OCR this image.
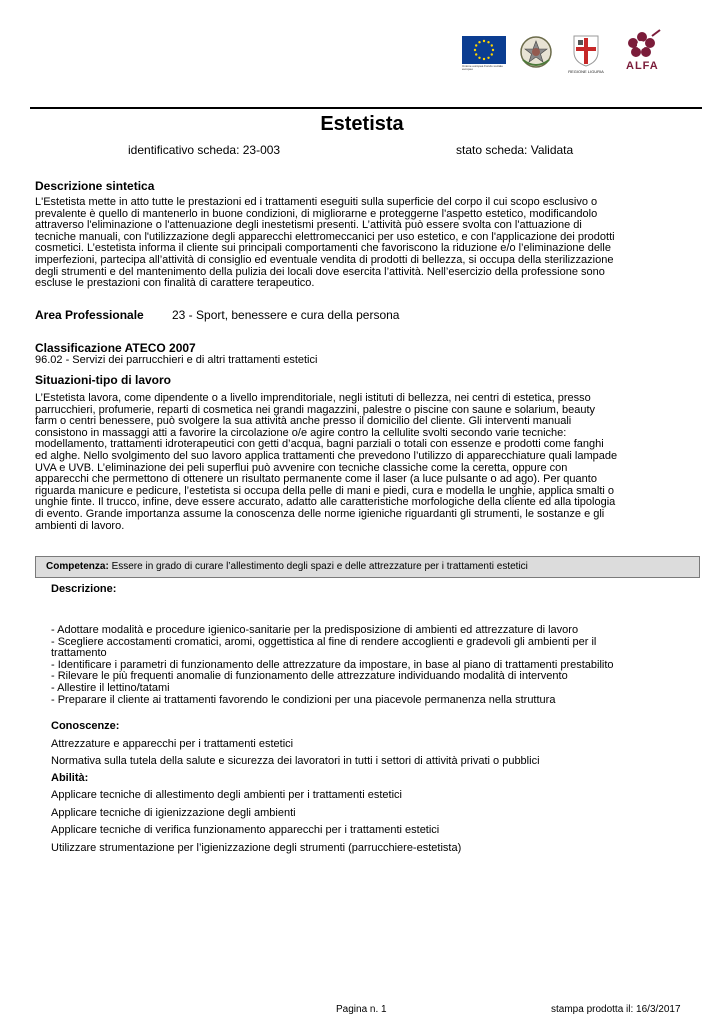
Unione europea Fondo sociale europeo	REGIONE LIGURIA ALFA
Estetista
identificativo scheda: 23-003	stato scheda: Validata
Descrizione sintetica
L'Estetista mette in atto tutte le prestazioni ed i trattamenti eseguiti sulla superficie del corpo il cui scopo esclusivo o
prevalente è quello di mantenerlo in buone condizioni, di migliorarne e proteggerne l'aspetto estetico, modificandolo
attraverso l'eliminazione o l'attenuazione degli inestetismi presenti. L’attività può essere svolta con l'attuazione di
tecniche manuali, con l'utilizzazione degli apparecchi elettromeccanici per uso estetico, e con l'applicazione dei prodotti
cosmetici. L’estetista informa il cliente sui principali comportamenti che favoriscono la riduzione e/o l’eliminazione delle
imperfezioni, partecipa all’attività di consiglio ed eventuale vendita di prodotti di bellezza, si occupa della sterilizzazione
degli strumenti e del mantenimento della pulizia dei locali dove esercita l’attività. Nell’esercizio della professione sono
escluse le prestazioni con finalità di carattere terapeutico.
Area Professionale 23 - Sport, benessere e cura della persona
Classificazione ATECO 2007
96.02 - Servizi dei parrucchieri e di altri trattamenti estetici
Situazioni-tipo di lavoro
L’Estetista lavora, come dipendente o a livello imprenditoriale, negli istituti di bellezza, nei centri di estetica, presso
parrucchieri, profumerie, reparti di cosmetica nei grandi magazzini, palestre o piscine con saune e solarium, beauty
farm o centri benessere, può svolgere la sua attività anche presso il domicilio del cliente. Gli interventi manuali
consistono in massaggi atti a favorire la circolazione o/e agire contro la cellulite svolti secondo varie tecniche:
modellamento, trattamenti idroterapeutici con getti d’acqua, bagni parziali o totali con essenze e prodotti come fanghi
ed alghe. Nello svolgimento del suo lavoro applica trattamenti che prevedono l’utilizzo di apparecchiature quali lampade
UVA e UVB. L’eliminazione dei peli superflui può avvenire con tecniche classiche come la ceretta, oppure con
apparecchi che permettono di ottenere un risultato permanente come il laser (a luce pulsante o ad ago). Per quanto
riguarda manicure e pedicure, l’estetista si occupa della pelle di mani e piedi, cura e modella le unghie, applica smalti o
unghie finte. Il trucco, infine, deve essere accurato, adatto alle caratteristiche morfologiche della cliente ed alla tipologia
di evento. Grande importanza assume la conoscenza delle norme igieniche riguardanti gli strumenti, le sostanze e gli
ambienti di lavoro.
Competenza: Essere in grado di curare l’allestimento degli spazi e delle attrezzature per i trattamenti estetici
Descrizione:
- Adottare modalità e procedure igienico-sanitarie per la predisposizione di ambienti ed attrezzature di lavoro
- Scegliere accostamenti cromatici, aromi, oggettistica al fine di rendere accoglienti e gradevoli gli ambienti per il
trattamento
- Identificare i parametri di funzionamento delle attrezzature da impostare, in base al piano di trattamenti prestabilito
- Rilevare le più frequenti anomalie di funzionamento delle attrezzature individuando modalità di intervento
- Allestire il lettino/tatami
- Preparare il cliente ai trattamenti favorendo le condizioni per una piacevole permanenza nella struttura
Conoscenze:
Attrezzature e apparecchi per i trattamenti estetici
Normativa sulla tutela della salute e sicurezza dei lavoratori in tutti i settori di attività privati o pubblici
Abilità:
Applicare tecniche di allestimento degli ambienti per i trattamenti estetici
Applicare tecniche di igienizzazione degli ambienti
Applicare tecniche di verifica funzionamento apparecchi per i trattamenti estetici
Utilizzare strumentazione per l’igienizzazione degli strumenti (parrucchiere-estetista)
Pagina n. 1	stampa prodotta il: 16/3/2017
